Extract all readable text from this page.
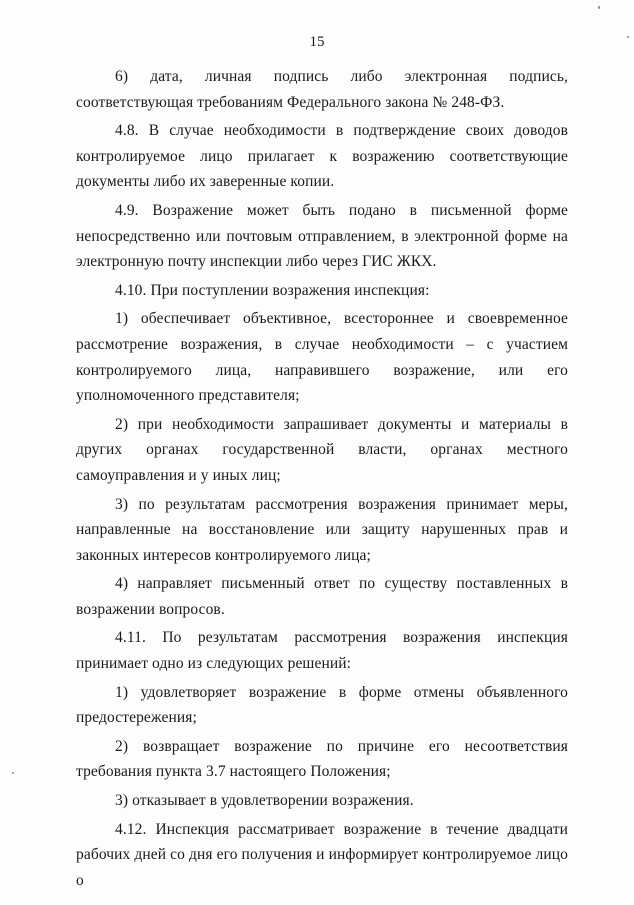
15

6) дата, личная подпись либо электронная подпись, соответствующая требованиям Федерального закона № 248-ФЗ.

4.8. В случае необходимости в подтверждение своих доводов контролируемое лицо прилагает к возражению соответствующие документы либо их заверенные копии.

4.9. Возражение может быть подано в письменной форме непосредственно или почтовым отправлением, в электронной форме на электронную почту инспекции либо через ГИС ЖКХ.

4.10. При поступлении возражения инспекция:

1) обеспечивает объективное, всестороннее и своевременное рассмотрение возражения, в случае необходимости – с участием контролируемого лица, направившего возражение, или его уполномоченного представителя;

2) при необходимости запрашивает документы и материалы в других органах государственной власти, органах местного самоуправления и у иных лиц;

3) по результатам рассмотрения возражения принимает меры, направленные на восстановление или защиту нарушенных прав и законных интересов контролируемого лица;

4) направляет письменный ответ по существу поставленных в возражении вопросов.

4.11. По результатам рассмотрения возражения инспекция принимает одно из следующих решений:

1) удовлетворяет возражение в форме отмены объявленного предостережения;

2) возвращает возражение по причине его несоответствия требования пункта 3.7 настоящего Положения;

3) отказывает в удовлетворении возражения.

4.12. Инспекция рассматривает возражение в течение двадцати рабочих дней со дня его получения и информирует контролируемое лицо о
